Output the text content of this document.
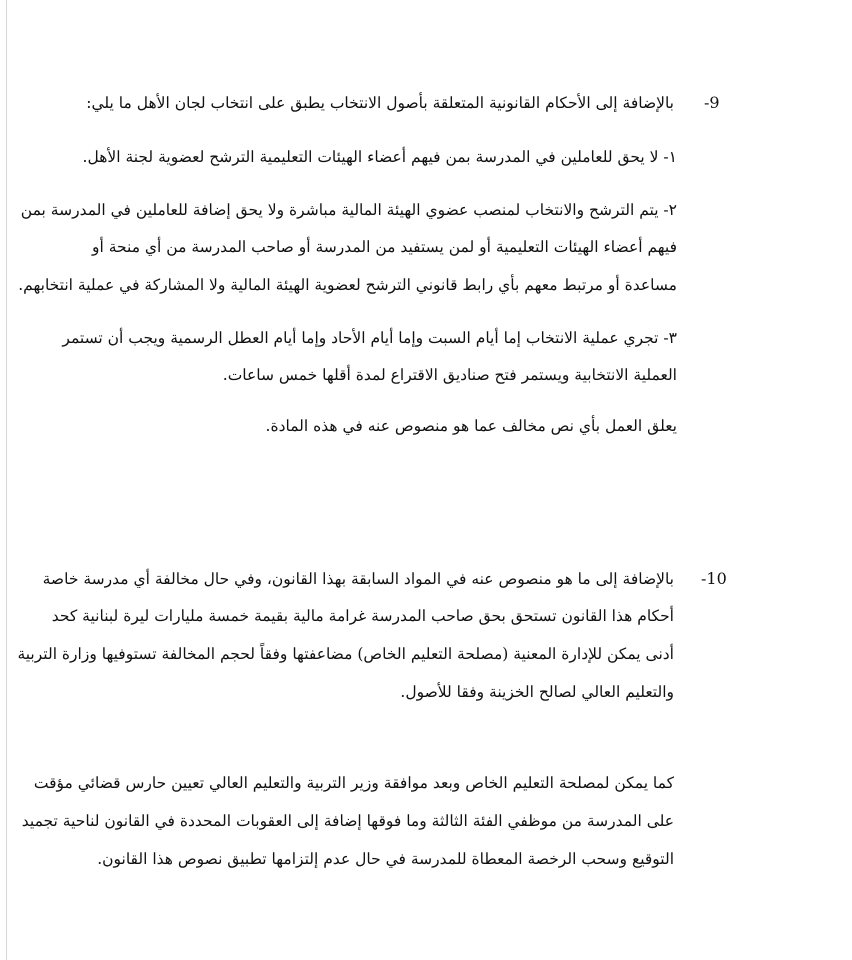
-9
بالإضافة إلى الأحكام القانونية المتعلقة بأصول الانتخاب يطبق على انتخاب لجان الأهل ما يلي:
١- لا يحق للعاملين في المدرسة بمن فيهم أعضاء الهيئات التعليمية الترشح لعضوية لجنة الأهل.
٢- يتم الترشح والانتخاب لمنصب عضوي الهيئة المالية مباشرة ولا يحق إضافة للعاملين في المدرسة بمن
فيهم أعضاء الهيئات التعليمية أو لمن يستفيد من المدرسة أو صاحب المدرسة من أي منحة أو
مساعدة أو مرتبط معهم بأي رابط قانوني الترشح لعضوية الهيئة المالية ولا المشاركة في عملية انتخابهم.
٣- تجري عملية الانتخاب إما أيام السبت وإما أيام الأحاد وإما أيام العطل الرسمية ويجب أن تستمر
العملية الانتخابية ويستمر فتح صناديق الاقتراع لمدة أقلها خمس ساعات.
يعلق العمل بأي نص مخالف عما هو منصوص عنه في هذه المادة.
-10
بالإضافة إلى ما هو منصوص عنه في المواد السابقة بهذا القانون، وفي حال مخالفة أي مدرسة خاصة
أحكام هذا القانون تستحق بحق صاحب المدرسة غرامة مالية بقيمة خمسة مليارات ليرة لبنانية كحد
أدنى يمكن للإدارة المعنية (مصلحة التعليم الخاص) مضاعفتها وفقاً لحجم المخالفة تستوفيها وزارة التربية
والتعليم العالي لصالح الخزينة وفقا للأصول.
كما يمكن لمصلحة التعليم الخاص وبعد موافقة وزير التربية والتعليم العالي تعيين حارس قضائي مؤقت
على المدرسة من موظفي الفئة الثالثة وما فوقها إضافة إلى العقوبات المحددة في القانون لناحية تجميد
التوقيع وسحب الرخصة المعطاة للمدرسة في حال عدم إلتزامها تطبيق نصوص هذا القانون.
